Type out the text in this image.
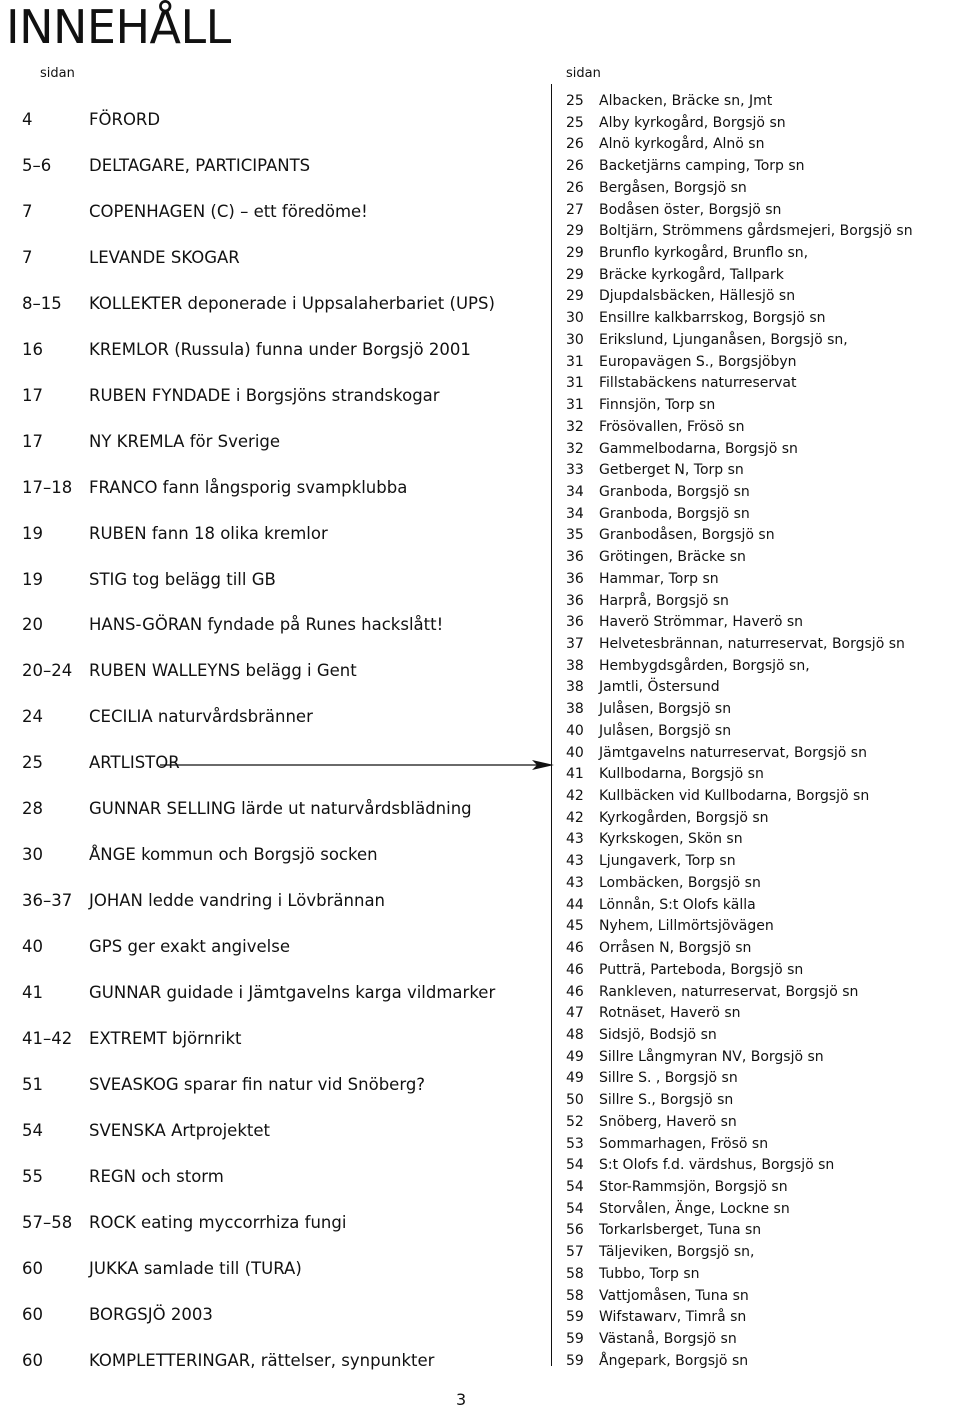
INNEHÅLL
sidan	sidan
4	FÖRORD
5–6	DELTAGARE, PARTICIPANTS
7	COPENHAGEN (C) – ett föredöme!
7	LEVANDE SKOGAR
8–15	KOLLEKTER deponerade i Uppsalaherbariet (UPS)
16	KREMLOR (Russula) funna under Borgsjö 2001
17	RUBEN FYNDADE i Borgsjöns strandskogar
17	NY KREMLA för Sverige
17–18	FRANCO fann långsporig svampklubba
19	RUBEN fann 18 olika kremlor
19	STIG tog belägg till GB
20	HANS-GÖRAN fyndade på Runes hackslått!
20–24	RUBEN WALLEYNS belägg i Gent
24	CECILIA naturvårdsbränner
25	ARTLISTOR
28	GUNNAR SELLING lärde ut naturvårdsblädning
30	ÅNGE kommun och Borgsjö socken
36–37	JOHAN ledde vandring i Lövbrännan
40	GPS ger exakt angivelse
41	GUNNAR guidade i Jämtgavelns karga vildmarker
41–42	EXTREMT björnrikt
51	SVEASKOG sparar fin natur vid Snöberg?
54	SVENSKA Artprojektet
55	REGN och storm
57–58	ROCK eating myccorrhiza fungi
60	JUKKA samlade till (TURA)
60	BORGSJÖ 2003
60	KOMPLETTERINGAR, rättelser, synpunkter
25	Albacken, Bräcke sn, Jmt
25	Alby kyrkogård, Borgsjö sn
26	Alnö kyrkogård, Alnö sn
26	Backetjärns camping, Torp sn
26	Bergåsen, Borgsjö sn
27	Bodåsen öster, Borgsjö sn
29	Boltjärn, Strömmens gårdsmejeri, Borgsjö sn
29	Brunflo kyrkogård, Brunflo sn,
29	Bräcke kyrkogård, Tallpark
29	Djupdalsbäcken, Hällesjö sn
30	Ensillre kalkbarrskog, Borgsjö sn
30	Erikslund, Ljunganåsen, Borgsjö sn,
31	Europavägen S., Borgsjöbyn
31	Fillstabäckens naturreservat
31	Finnsjön, Torp sn
32	Frösövallen, Frösö sn
32	Gammelbodarna, Borgsjö sn
33	Getberget N, Torp sn
34	Granboda, Borgsjö sn
34	Granboda, Borgsjö sn
35	Granbodåsen, Borgsjö sn
36	Grötingen, Bräcke sn
36	Hammar, Torp sn
36	Harprå, Borgsjö sn
36	Haverö Strömmar, Haverö sn
37	Helvetesbrännan, naturreservat, Borgsjö sn
38	Hembygdsgården, Borgsjö sn,
38	Jamtli, Östersund
38	Julåsen, Borgsjö sn
40	Julåsen, Borgsjö sn
40	Jämtgavelns naturreservat, Borgsjö sn
41	Kullbodarna, Borgsjö sn
42	Kullbäcken vid Kullbodarna, Borgsjö sn
42	Kyrkogården, Borgsjö sn
43	Kyrkskogen, Skön sn
43	Ljungaverk, Torp sn
43	Lombäcken, Borgsjö sn
44	Lönnån, S:t Olofs källa
45	Nyhem, Lillmörtsjövägen
46	Orråsen N, Borgsjö sn
46	Putträ, Parteboda, Borgsjö sn
46	Rankleven, naturreservat, Borgsjö sn
47	Rotnäset, Haverö sn
48	Sidsjö, Bodsjö sn
49	Sillre Långmyran NV, Borgsjö sn
49	Sillre S. , Borgsjö sn
50	Sillre S., Borgsjö sn
52	Snöberg, Haverö sn
53	Sommarhagen, Frösö sn
54	S:t Olofs f.d. värdshus, Borgsjö sn
54	Stor-Rammsjön, Borgsjö sn
54	Storvålen, Änge, Lockne sn
56	Torkarlsberget, Tuna sn
57	Täljeviken, Borgsjö sn,
58	Tubbo, Torp sn
58	Vattjomåsen, Tuna sn
59	Wifstawarv, Timrå sn
59	Västanå, Borgsjö sn
59	Ångepark, Borgsjö sn
3
